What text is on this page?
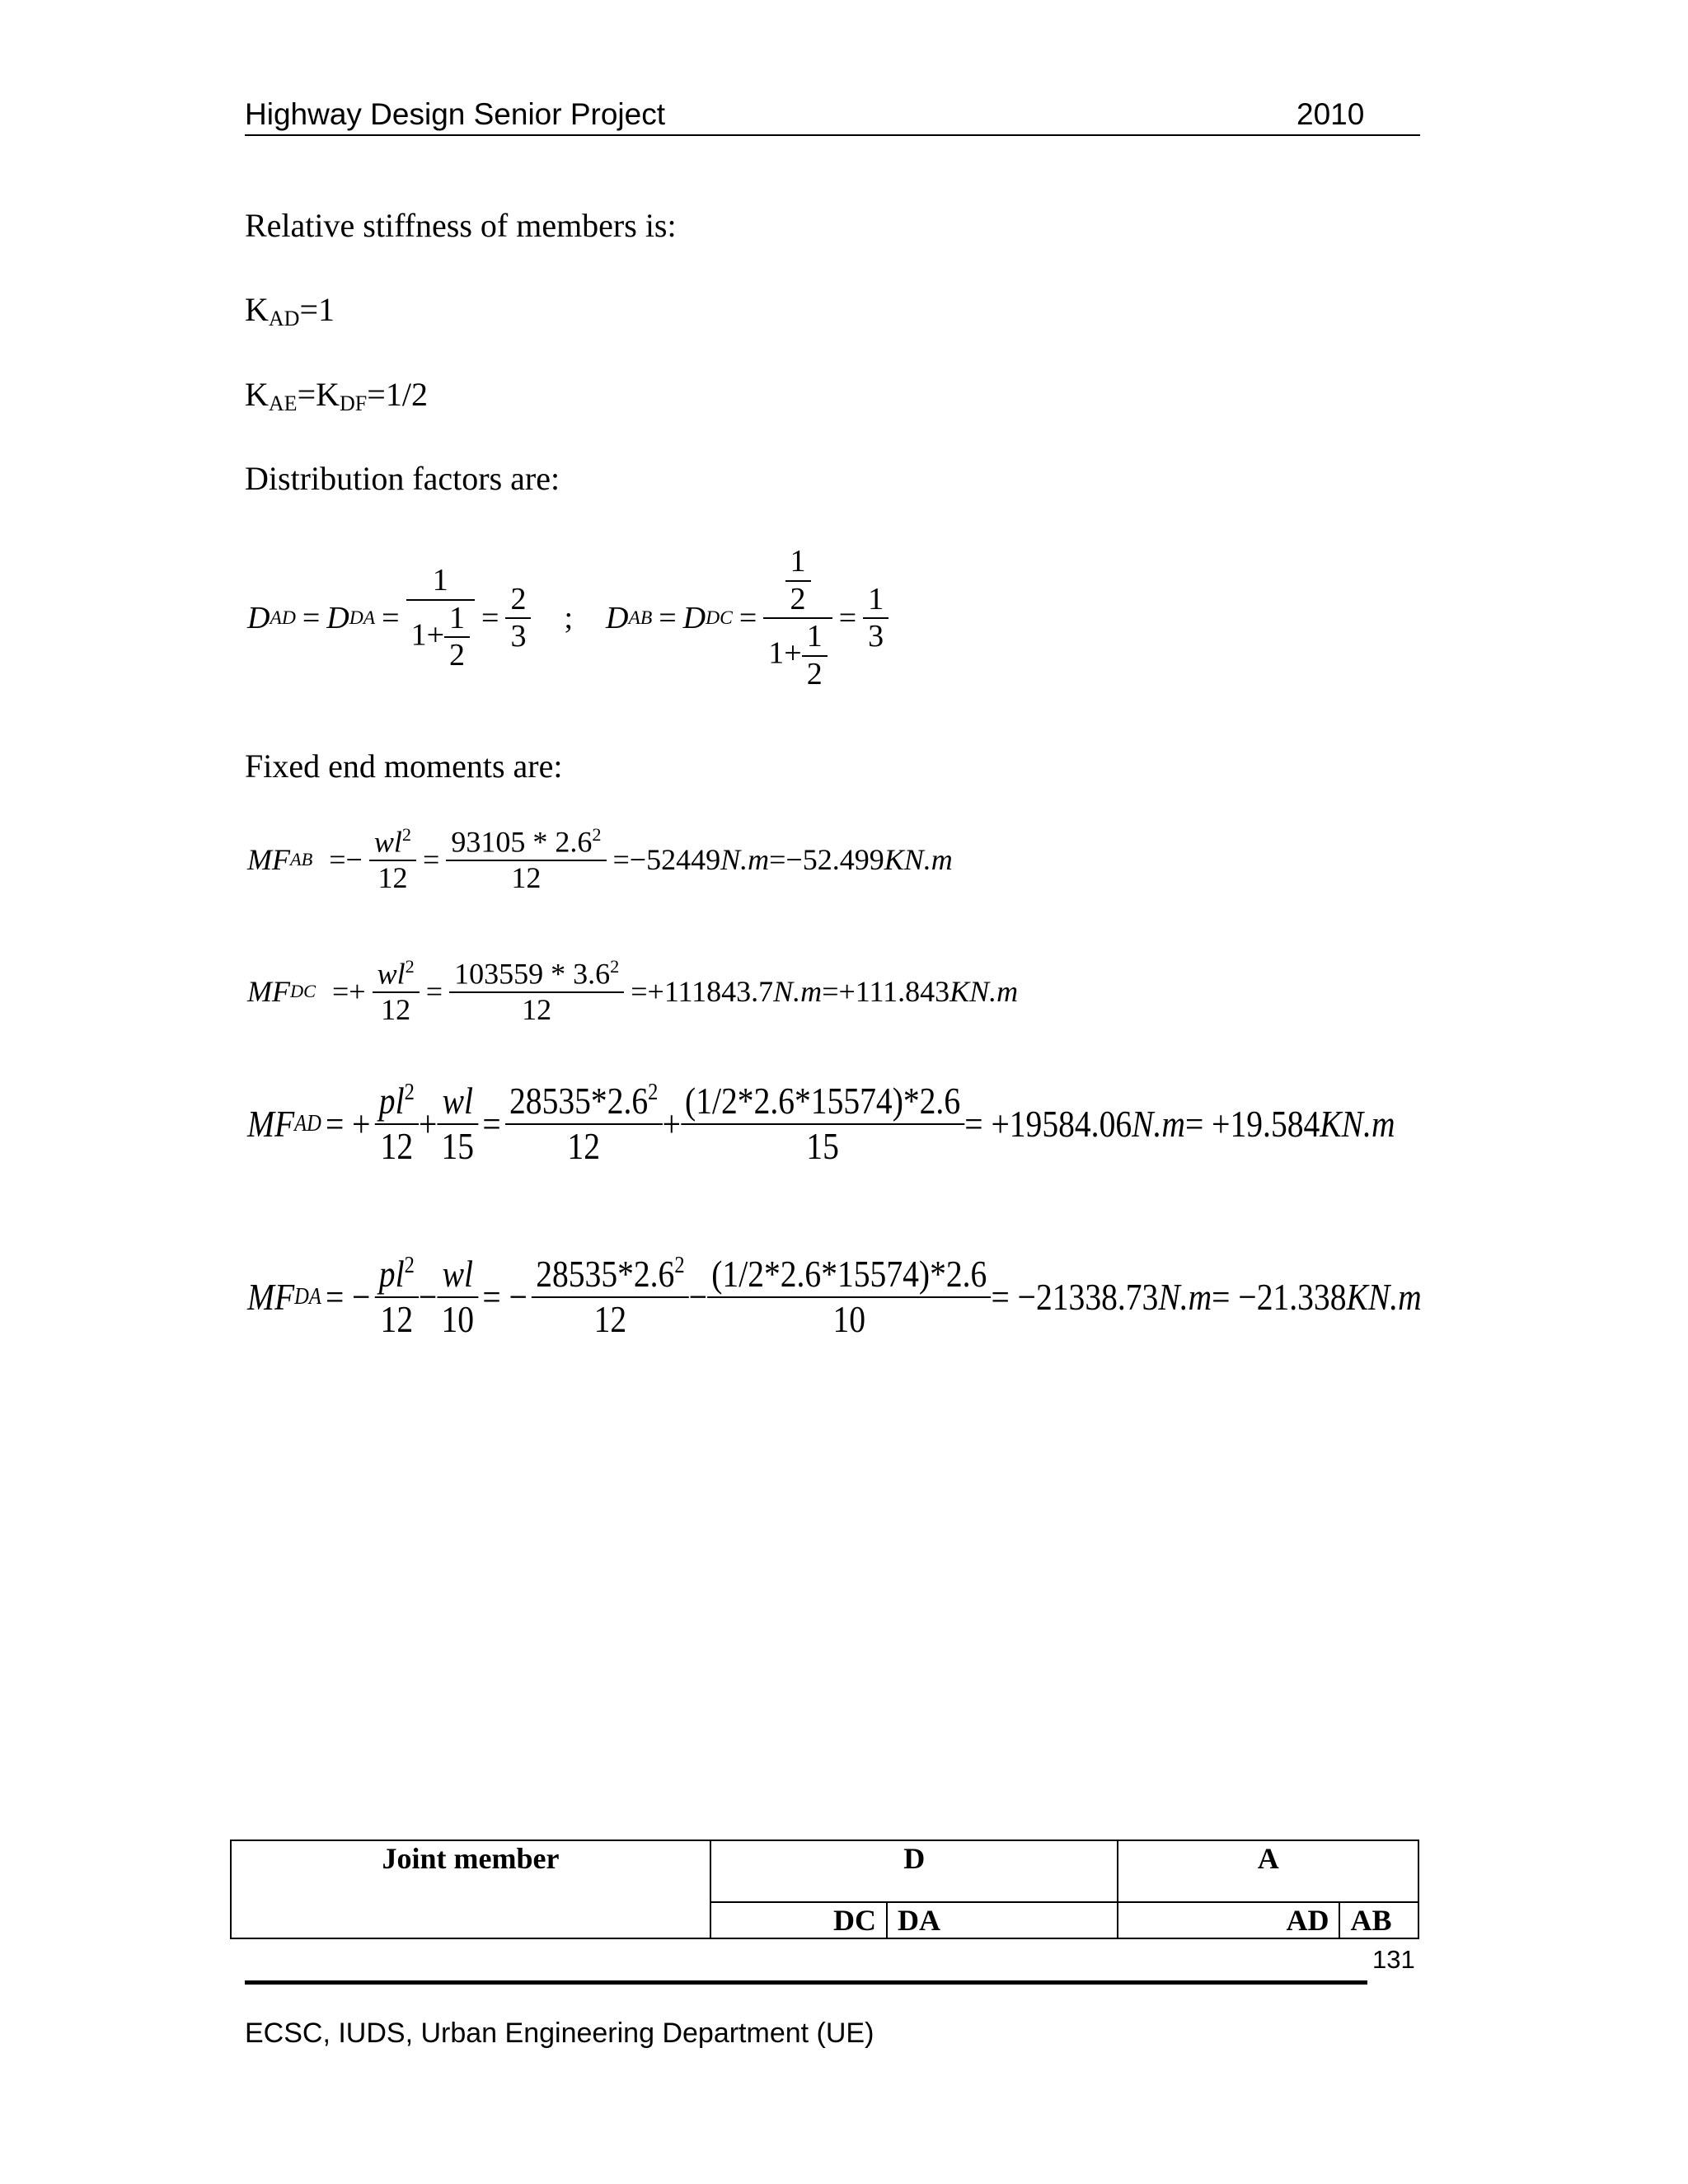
Highway Design Senior Project	2010
Relative stiffness of members is:
$K_{AD}=1$
$K_{AE}=K_{DF}=1/2$
Distribution factors are:
D AD = D DA = $\frac{1}{1+ \frac{1}{2}} = \frac{2}{3}$ ; D AB = D DC = $\frac{\frac{1}{2}}{1+ \frac{1}{2}} = \frac{1}{3}$
Fixed end moments are:
MF AB =− $\frac{wl^2}{12} = \frac{93105 * 2.6^2}{12} =-52449$ N.m =−52.499 KN.m
MF DC =+ $\frac{wl^2}{12} = \frac{103559 * 3.6^2}{12} =+111843.7$ N.m =+111.843 KN.m
MF AD = + $\frac{pl^2}{12} + \frac{wl}{15} = \frac{28535*2.6^2}{12} + \frac{(1/2*2.6*15574)*2.6}{15} = +19584.06$ N.m = +19.584 KN.m
MF DA = − $\frac{pl^2}{12} - \frac{wl}{10}$ = − $\frac{28535*2.6^2}{12} - \frac{(1/2*2.6*15574)*2.6}{10} = -21338.73$ N.m = −21.338 KN.m
Joint member	D		A	
	DC	DA	AD	AB
131
ECSC, IUDS, Urban Engineering Department (UE)
